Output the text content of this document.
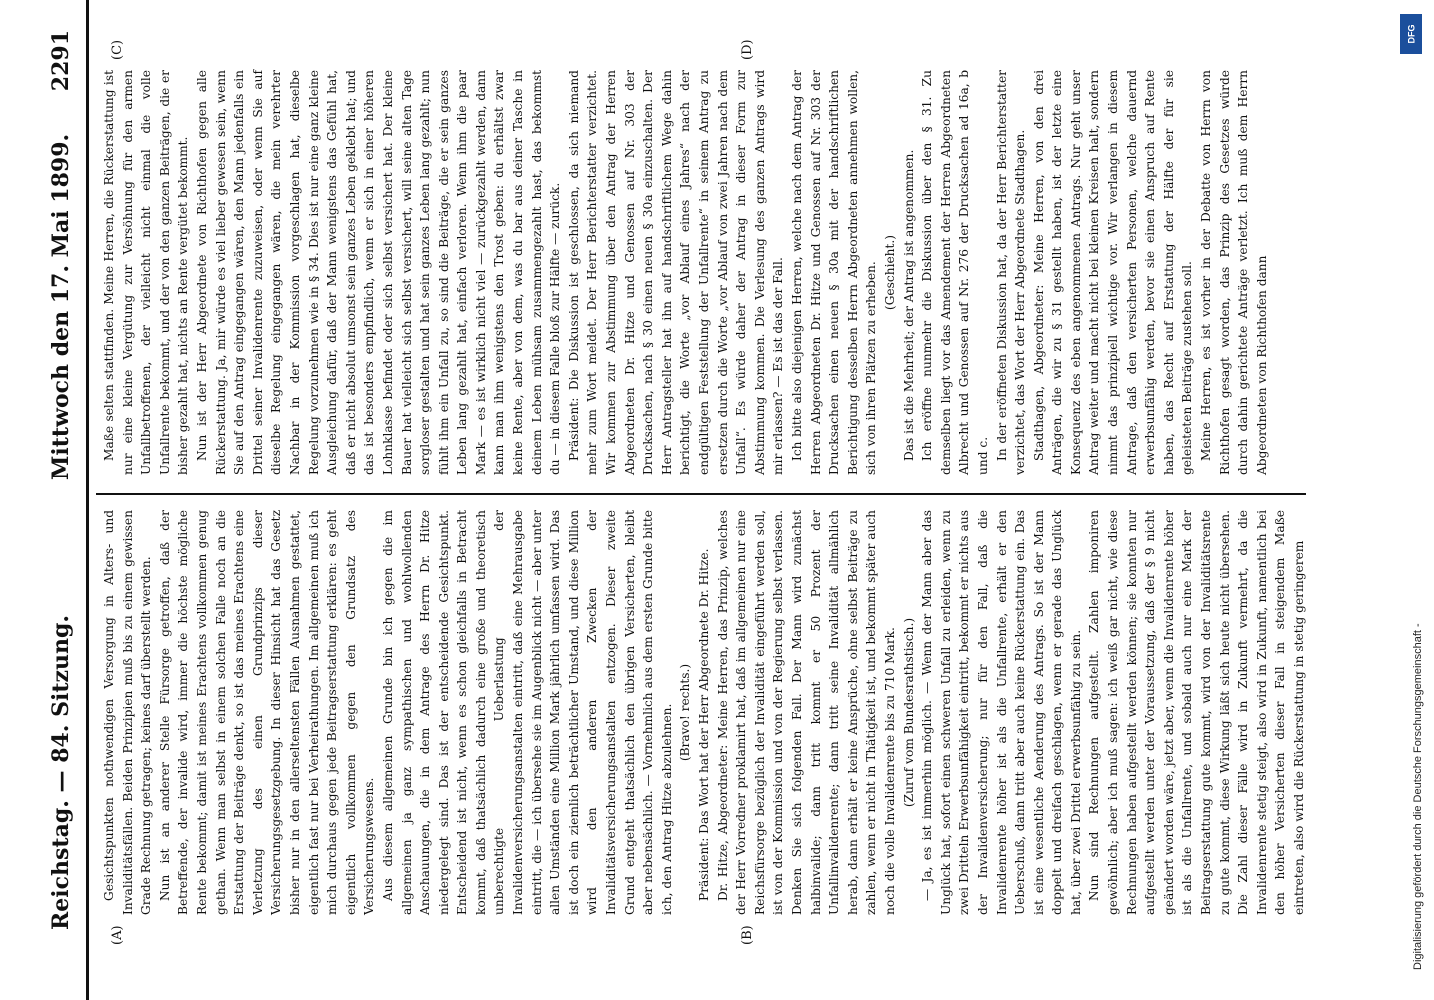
Reichstag. — 84. Sitzung.
Mittwoch den 17. Mai 1899.
2291
(A)	(B)
(C)	(D)

Gesichtspunkten nothwendigen Versorgung in Alters- und Invaliditätsfällen. Beiden Prinzipien muß bis zu einem gewissen Grade Rechnung getragen; keines darf überstellt werden. Nun ist an anderer Stelle Fürsorge getroffen, daß der Betreffende, der invalide wird, immer die höchste mögliche Rente bekommt; damit ist meines Erachtens vollkommen genug gethan. Wenn man selbst in einem solchen Falle noch an die Erstattung der Beiträge denkt, so ist das meines Erachtens eine Verletzung des einen Grundprinzips dieser Versicherungsgesetzgebung. In dieser Hinsicht hat das Gesetz bisher nur in den allerseltensten Fällen Ausnahmen gestattet, eigentlich fast nur bei Verheirathungen. Im allgemeinen muß ich mich durchaus gegen jede Beitragserstattung erklären: es geht eigentlich vollkommen gegen den Grundsatz des Versicherungswesens. Aus diesem allgemeinen Grunde bin ich gegen die im allgemeinen ja ganz sympathischen und wohlwollenden Anschauungen, die in dem Antrage des Herrn Dr. Hitze niedergelegt sind. Das ist der entscheidende Gesichtspunkt. Entscheidend ist nicht, wenn es schon gleichfalls in Betracht kommt, daß thatsächlich dadurch eine große und theoretisch unberechtigte Ueberlastung der Invalidenversicherungsanstalten eintritt, daß eine Mehrausgabe eintritt, die — ich übersehe sie im Augenblick nicht — aber unter allen Umständen eine Million Mark jährlich umfassen wird. Das ist doch ein ziemlich beträchtlicher Umstand, und diese Million wird den anderen Zwecken der Invaliditätsversicherungsanstalten entzogen. Dieser zweite Grund entgeht thatsächlich den übrigen Versicherten, bleibt aber nebensächlich. — Vornehmlich aus dem ersten Grunde bitte ich, den Antrag Hitze abzulehnen. (Bravo! rechts.) Präsident: Das Wort hat der Herr Abgeordnete Dr. Hitze. Dr. Hitze, Abgeordneter: Meine Herren, das Prinzip, welches der Herr Vorredner proklamirt hat, daß im allgemeinen nur eine Reichsfürsorge bezüglich der Invalidität eingeführt werden soll, ist von der Kommission und von der Regierung selbst verlassen. Denken Sie sich folgenden Fall. Der Mann wird zunächst halbinvalide; dann tritt kommt er 50 Prozent der Unfallinvalidenrente; dann tritt seine Invalidität allmählich herab, dann erhält er keine Ansprüche, ohne selbst Beiträge zu zahlen, wenn er nicht in Thätigkeit ist, und bekommt später auch noch die volle Invalidenrente bis zu 710 Mark. (Zuruf vom Bundesrathstisch.) — Ja, es ist immerhin möglich. — Wenn der Mann aber das Unglück hat, sofort einen schweren Unfall zu erleiden, wenn zu zwei Dritteln Erwerbsunfähigkeit eintritt, bekommt er nichts aus der Invalidenversicherung; nur für den Fall, daß die Invalidenrente höher ist als die Unfallrente, erhält er den Ueberschuß, dann tritt aber auch keine Rückerstattung ein. Das ist eine wesentliche Aenderung des Antrags. So ist der Mann doppelt und dreifach geschlagen, wenn er gerade das Unglück hat, über zwei Drittel erwerbsunfähig zu sein. Nun sind Rechnungen aufgestellt. Zahlen imponiren gewöhnlich; aber ich muß sagen: ich weiß gar nicht, wie diese Rechnungen haben aufgestellt werden können; sie konnten nur aufgestellt werden unter der Voraussetzung, daß der § 9 nicht geändert worden wäre, jetzt aber, wenn die Invalidenrente höher ist als die Unfallrente, und sobald auch nur eine Mark der Beitragserstattung gute kommt, wird von der Invaliditätsrente zu gute kommt, diese Wirkung läßt sich heute nicht übersehen. Die Zahl dieser Fälle wird in Zukunft vermehrt, da die Invalidenrente stetig steigt, also wird in Zukunft, namentlich bei den höher Versicherten dieser Fall in steigendem Maße eintreten, also wird die Rückerstattung in stetig geringerem

Maße selten stattfinden. Meine Herren, die Rückerstattung ist nur eine kleine Vergütung zur Versöhnung für den armen Unfallbetroffenen, der vielleicht nicht einmal die volle Unfallrente bekommt, und der von den ganzen Beiträgen, die er bisher gezahlt hat, nichts an Rente vergütet bekommt. Nun ist der Herr Abgeordnete von Richthofen gegen alle Rückerstattung. Ja, mir würde es viel lieber gewesen sein, wenn Sie auf den Antrag eingegangen wären, den Mann jedenfalls ein Drittel seiner Invalidenrente zuzuweisen, oder wenn Sie auf dieselbe Regelung eingegangen wären, die mein verehrter Nachbar in der Kommission vorgeschlagen hat, dieselbe Regelung vorzunehmen wie in § 34. Dies ist nur eine ganz kleine Ausgleichung dafür, daß der Mann wenigstens das Gefühl hat, daß er nicht absolut umsonst sein ganzes Leben geklebt hat; und das ist besonders empfindlich, wenn er sich in einer höheren Lohnklasse befindet oder sich selbst versichert hat. Der kleine Bauer hat vielleicht sich selbst versichert, will seine alten Tage sorgloser gestalten und hat sein ganzes Leben lang gezahlt; nun fühlt ihm ein Unfall zu, so sind die Beiträge, die er sein ganzes Leben lang gezahlt hat, einfach verloren. Wenn ihm die paar Mark — es ist wirklich nicht viel — zurückgezahlt werden, dann kann man ihm wenigstens den Trost geben: du erhältst zwar keine Rente, aber von dem, was du bar aus deiner Tasche in deinem Leben mühsam zusammengezahlt hast, das bekommst du — in diesem Falle bloß zur Hälfte — zurück. Präsident: Die Diskussion ist geschlossen, da sich niemand mehr zum Wort meldet. Der Herr Berichterstatter verzichtet. Wir kommen zur Abstimmung über den Antrag der Herren Abgeordneten Dr. Hitze und Genossen auf Nr. 303 der Drucksachen, nach § 30 einen neuen § 30a einzuschalten. Der Herr Antragsteller hat ihn auf handschriftlichem Wege dahin berichtigt, die Worte „vor Ablauf eines Jahres“ nach der endgültigen Feststellung der Unfallrente“ in seinem Antrag zu ersetzen durch die Worte „vor Ablauf von zwei Jahren nach dem Unfall“. Es würde daher der Antrag in dieser Form zur Abstimmung kommen. Die Verlesung des ganzen Antrags wird mir erlassen? — Es ist das der Fall. Ich bitte also diejenigen Herren, welche nach dem Antrag der Herren Abgeordneten Dr. Hitze und Genossen auf Nr. 303 der Drucksachen einen neuen § 30a mit der handschriftlichen Berichtigung desselben Herrn Abgeordneten annehmen wollen, sich von ihren Plätzen zu erheben. (Geschieht.) Das ist die Mehrheit; der Antrag ist angenommen. Ich eröffne nunmehr die Diskussion über den § 31. Zu demselben liegt vor das Amendement der Herren Abgeordneten Albrecht und Genossen auf Nr. 276 der Drucksachen ad 16a, b und c. In der eröffneten Diskussion hat, da der Herr Berichterstatter verzichtet, das Wort der Herr Abgeordnete Stadthagen. Stadthagen, Abgeordneter: Meine Herren, von den drei Anträgen, die wir zu § 31 gestellt haben, ist der letzte eine Konsequenz des eben angenommenen Antrags. Nur geht unser Antrag weiter und macht nicht bei kleinen Kreisen halt, sondern nimmt das prinzipiell wichtige vor. Wir verlangen in diesem Antrage, daß den versicherten Personen, welche dauernd erwerbsunfähig werden, bevor sie einen Anspruch auf Rente haben, das Recht auf Erstattung der Hälfte der für sie geleisteten Beiträge zustehen soll. Meine Herren, es ist vorher in der Debatte von Herrn von Richthofen gesagt worden, das Prinzip des Gesetzes würde durch dahin gerichtete Anträge verletzt. Ich muß dem Herrn Abgeordneten von Richthofen dann

DFG
Digitalisierung gefördert durch die Deutsche Forschungsgemeinschaft -
